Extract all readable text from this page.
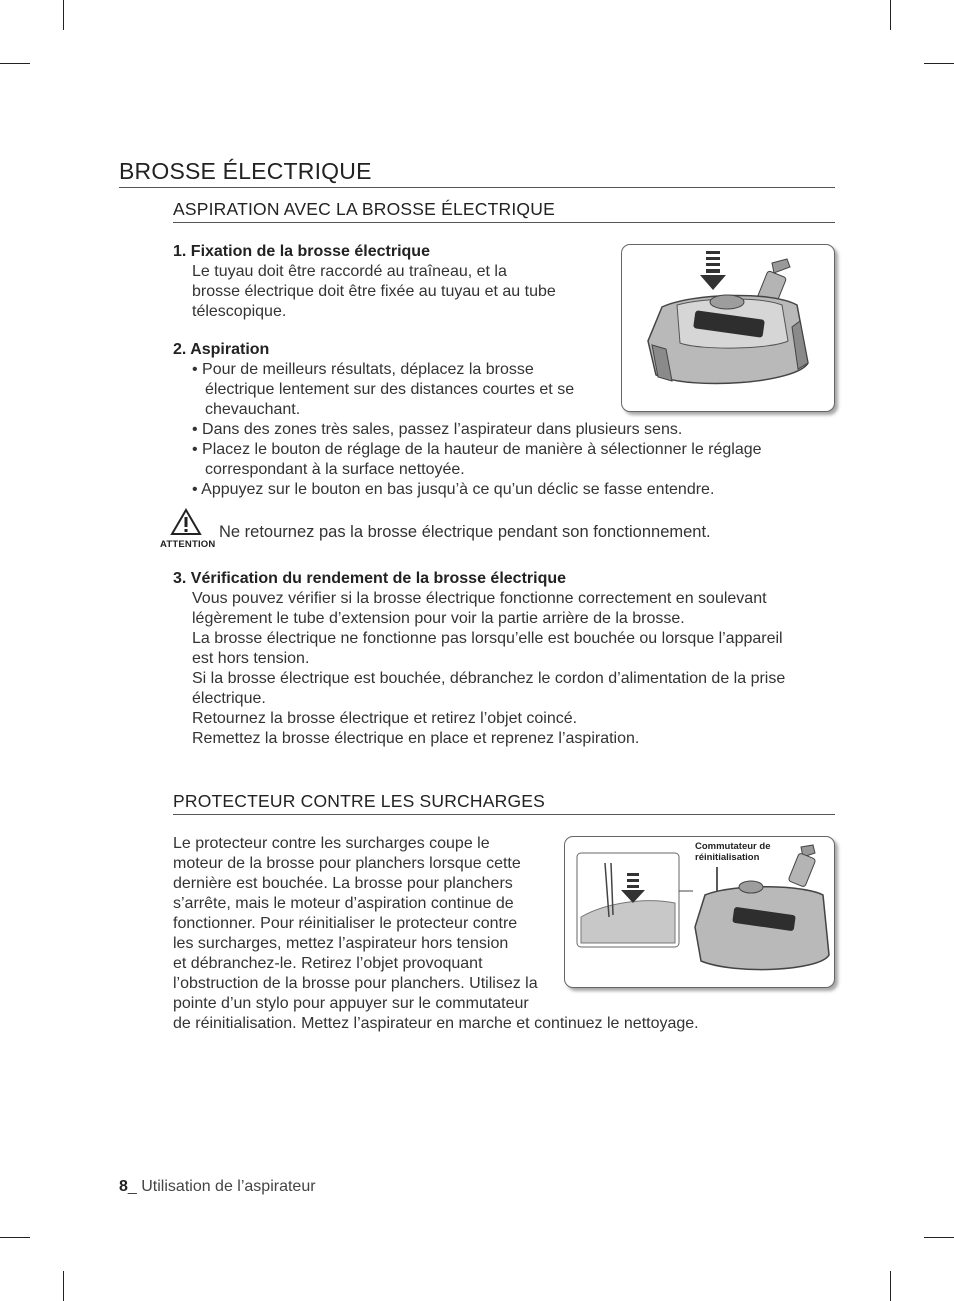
BROSSE ÉLECTRIQUE
ASPIRATION AVEC LA BROSSE ÉLECTRIQUE
1. Fixation de la brosse électrique
Le tuyau doit être raccordé au traîneau, et la
brosse électrique doit être fixée au tuyau et au tube
télescopique.
2. Aspiration
• Pour de meilleurs résultats, déplacez la brosse
électrique lentement sur des distances courtes et se
chevauchant.
• Dans des zones très sales, passez l’aspirateur dans plusieurs sens.
• Placez le bouton de réglage de la hauteur de manière à sélectionner le réglage
correspondant à la surface nettoyée.
• Appuyez sur le bouton en bas jusqu’à ce qu’un déclic se fasse entendre.
ATTENTION
Ne retournez pas la brosse électrique pendant son fonctionnement.
3. Vérification du rendement de la brosse électrique
Vous pouvez vérifier si la brosse électrique fonctionne correctement en soulevant
légèrement le tube d’extension pour voir la partie arrière de la brosse.
La brosse électrique ne fonctionne pas lorsqu’elle est bouchée ou lorsque l’appareil
est hors tension.
Si la brosse électrique est bouchée, débranchez le cordon d’alimentation de la prise
électrique.
Retournez la brosse électrique et retirez l’objet coincé.
Remettez la brosse électrique en place et reprenez l’aspiration.
PROTECTEUR CONTRE LES SURCHARGES
Le protecteur contre les surcharges coupe le
moteur de la brosse pour planchers lorsque cette
dernière est bouchée. La brosse pour planchers
s’arrête, mais le moteur d’aspiration continue de
fonctionner. Pour réinitialiser le protecteur contre
les surcharges, mettez l’aspirateur hors tension
et débranchez-le. Retirez l’objet provoquant
l’obstruction de la brosse pour planchers. Utilisez la
pointe d’un stylo pour appuyer sur le commutateur
de réinitialisation. Mettez l’aspirateur en marche et continuez le nettoyage.
Commutateur de
réinitialisation
8_ Utilisation de l’aspirateur
